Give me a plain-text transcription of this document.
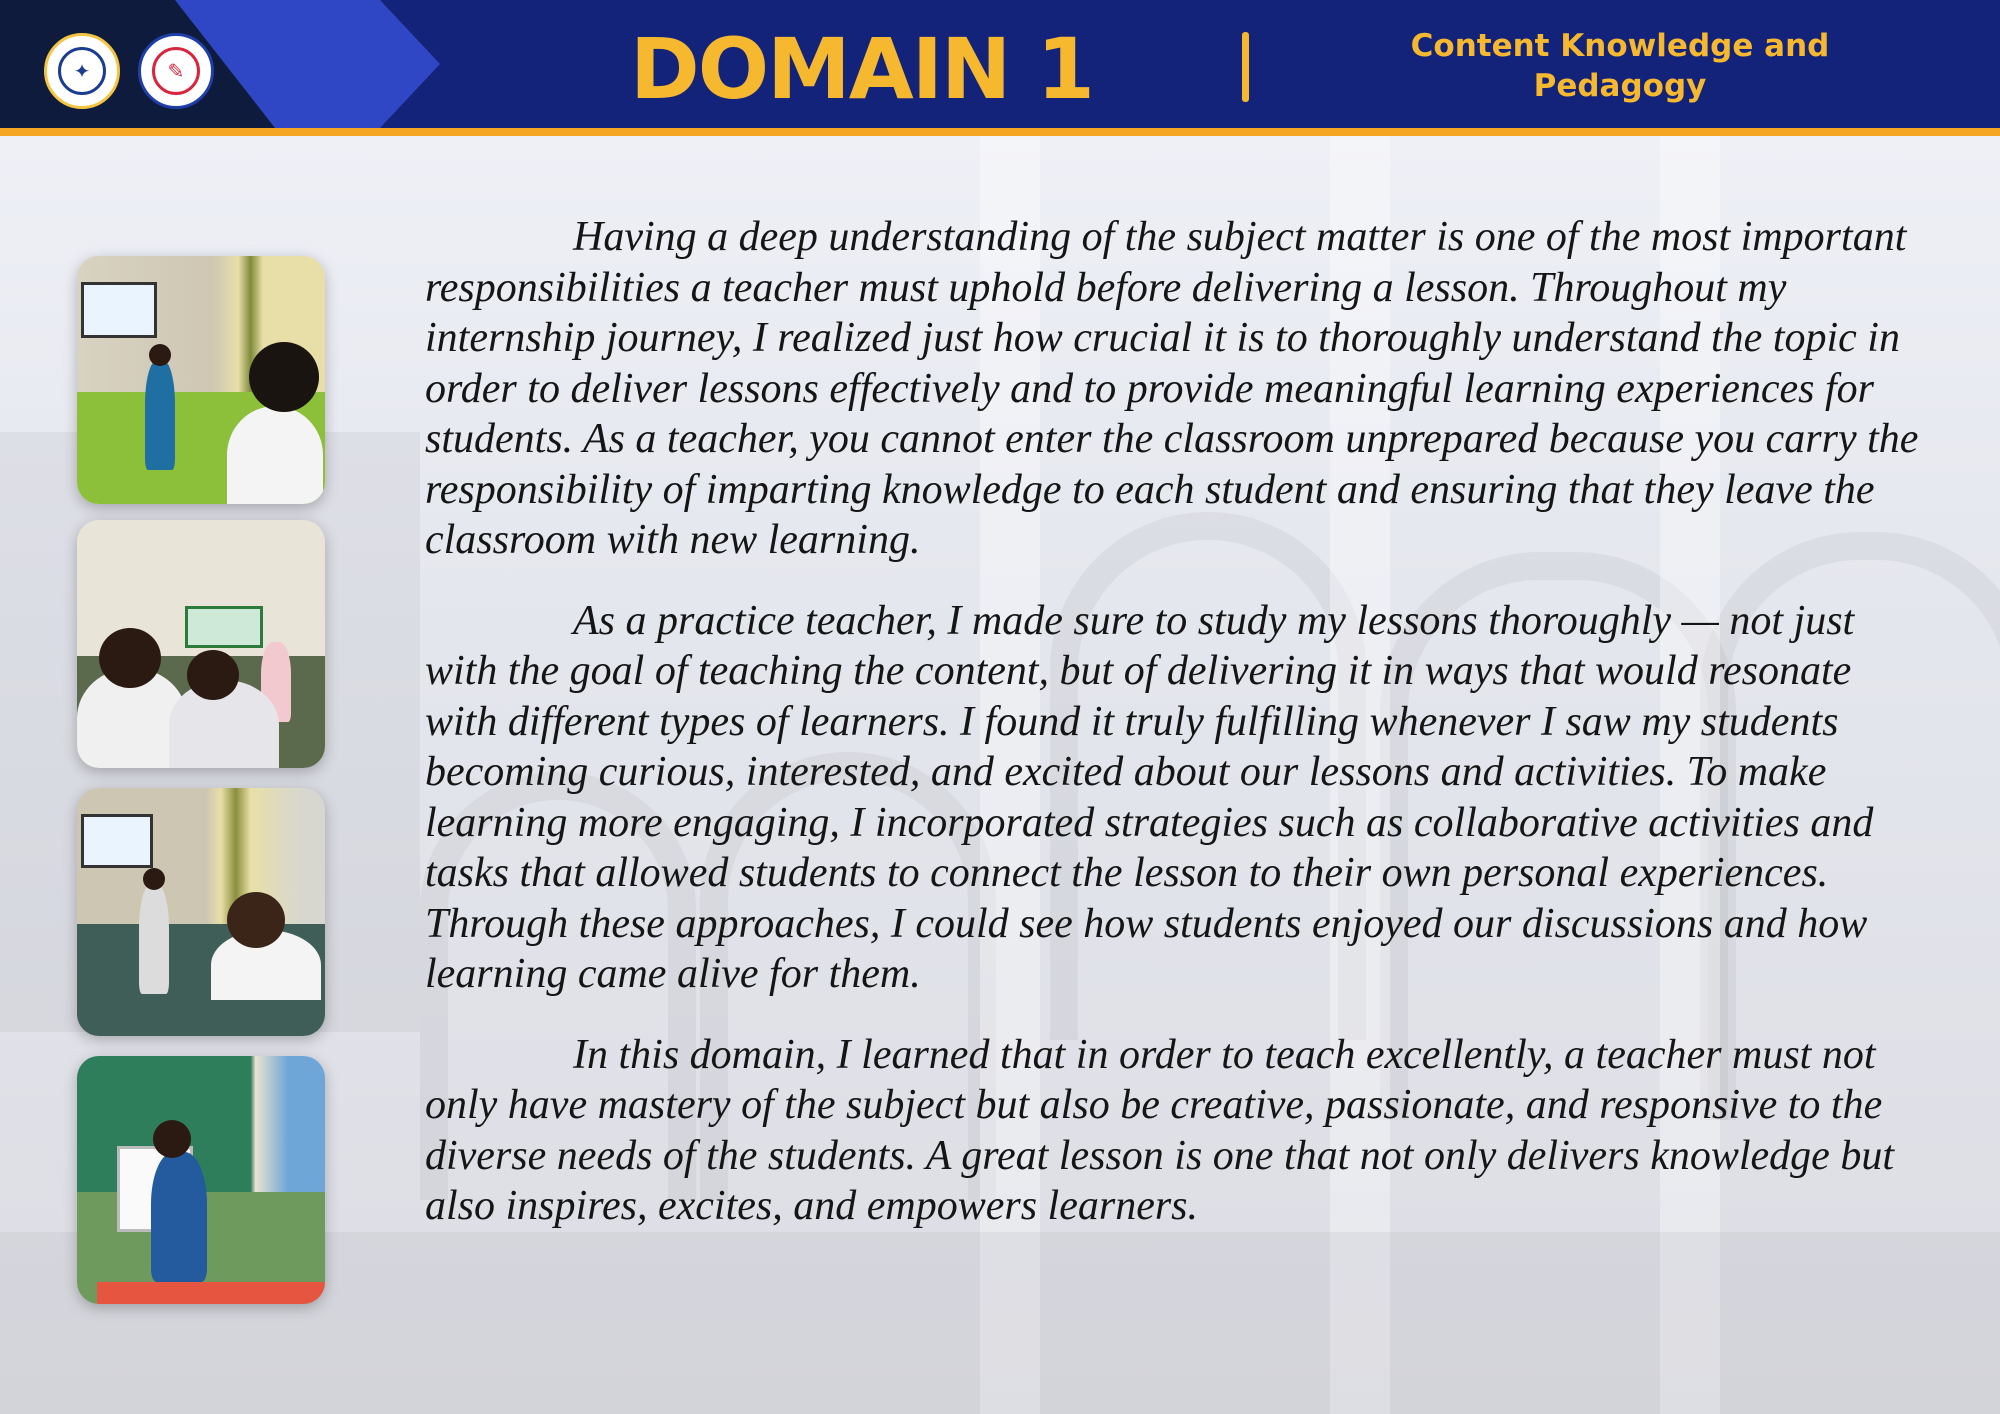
✦	✎	DOMAIN 1	Content Knowledge and Pedagogy

Having a deep understanding of the subject matter is one of the most important responsibilities a teacher must uphold before delivering a lesson. Throughout my internship journey, I realized just how crucial it is to thoroughly understand the topic in order to deliver lessons effectively and to provide meaningful learning experiences for students. As a teacher, you cannot enter the classroom unprepared because you carry the responsibility of imparting knowledge to each student and ensuring that they leave the classroom with new learning.

As a practice teacher, I made sure to study my lessons thoroughly — not just with the goal of teaching the content, but of delivering it in ways that would resonate with different types of learners. I found it truly fulfilling whenever I saw my students becoming curious, interested, and excited about our lessons and activities. To make learning more engaging, I incorporated strategies such as collaborative activities and tasks that allowed students to connect the lesson to their own personal experiences. Through these approaches, I could see how students enjoyed our discussions and how learning came alive for them.

In this domain, I learned that in order to teach excellently, a teacher must not only have mastery of the subject but also be creative, passionate, and responsive to the diverse needs of the students. A great lesson is one that not only delivers knowledge but also inspires, excites, and empowers learners.
